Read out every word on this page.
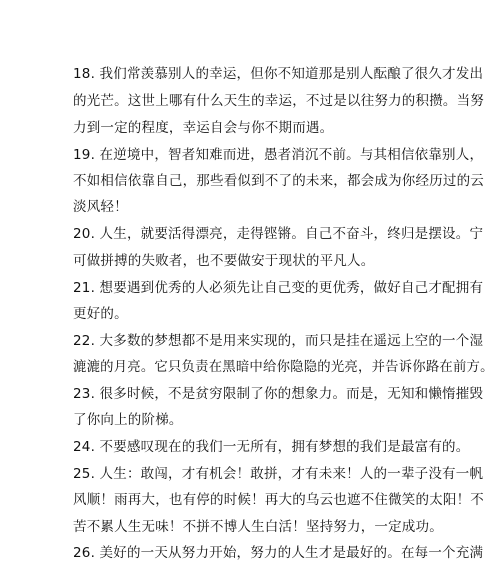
18. 我们常羡慕别人的幸运，但你不知道那是别人酝酿了很久才发出
的光芒。这世上哪有什么天生的幸运，不过是以往努力的积攒。当努
力到一定的程度，幸运自会与你不期而遇。
19. 在逆境中，智者知难而进，愚者消沉不前。与其相信依靠别人，
不如相信依靠自己，那些看似到不了的未来，都会成为你经历过的云
淡风轻！
20. 人生，就要活得漂亮，走得铿锵。自己不奋斗，终归是摆设。宁
可做拼搏的失败者，也不要做安于现状的平凡人。
21. 想要遇到优秀的人必须先让自己变的更优秀，做好自己才配拥有
更好的。
22. 大多数的梦想都不是用来实现的，而只是挂在遥远上空的一个湿
漉漉的月亮。它只负责在黑暗中给你隐隐的光亮，并告诉你路在前方。
23. 很多时候，不是贫穷限制了你的想象力。而是，无知和懒惰摧毁
了你向上的阶梯。
24. 不要感叹现在的我们一无所有，拥有梦想的我们是最富有的。
25. 人生：敢闯，才有机会！敢拼，才有未来！人的一辈子没有一帆
风顺！雨再大，也有停的时候！再大的乌云也遮不住微笑的太阳！不
苦不累人生无味！不拼不博人生白活！坚持努力，一定成功。
26. 美好的一天从努力开始，努力的人生才是最好的。在每一个充满
